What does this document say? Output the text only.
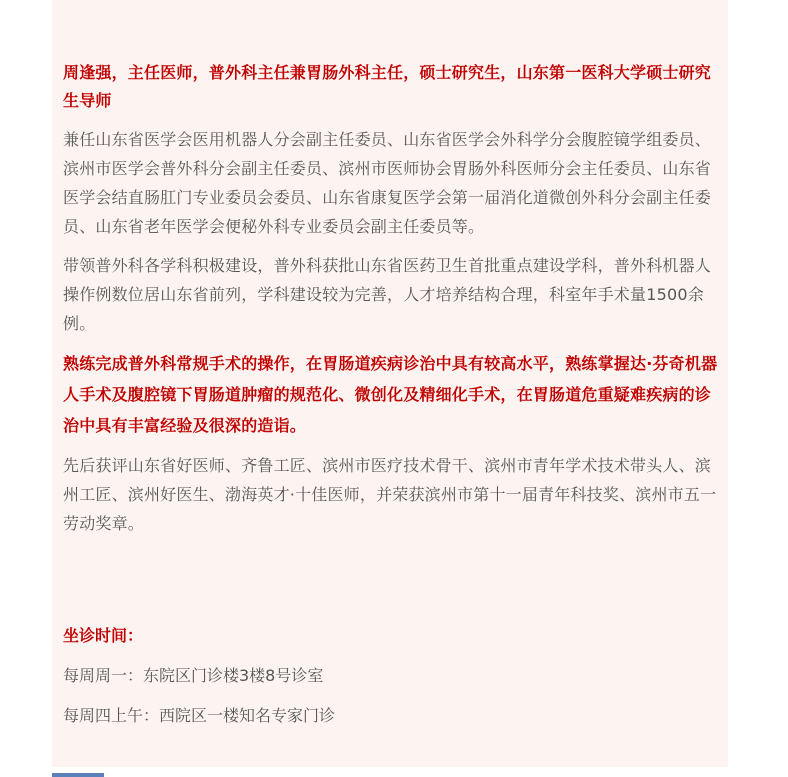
周逢强，主任医师，普外科主任兼胃肠外科主任，硕士研究生，山东第一医科大学硕士研究生导师

兼任山东省医学会医用机器人分会副主任委员、山东省医学会外科学分会腹腔镜学组委员、滨州市医学会普外科分会副主任委员、滨州市医师协会胃肠外科医师分会主任委员、山东省医学会结直肠肛门专业委员会委员、山东省康复医学会第一届消化道微创外科分会副主任委员、山东省老年医学会便秘外科专业委员会副主任委员等。

带领普外科各学科积极建设，普外科获批山东省医药卫生首批重点建设学科，普外科机器人操作例数位居山东省前列，学科建设较为完善，人才培养结构合理，科室年手术量1500余例。

熟练完成普外科常规手术的操作，在胃肠道疾病诊治中具有较高水平，熟练掌握达·芬奇机器人手术及腹腔镜下胃肠道肿瘤的规范化、微创化及精细化手术，在胃肠道危重疑难疾病的诊治中具有丰富经验及很深的造诣。

先后获评山东省好医师、齐鲁工匠、滨州市医疗技术骨干、滨州市青年学术技术带头人、滨州工匠、滨州好医生、渤海英才·十佳医师，并荣获滨州市第十一届青年科技奖、滨州市五一劳动奖章。

坐诊时间：

每周周一：东院区门诊楼3楼8号诊室

每周四上午：西院区一楼知名专家门诊
